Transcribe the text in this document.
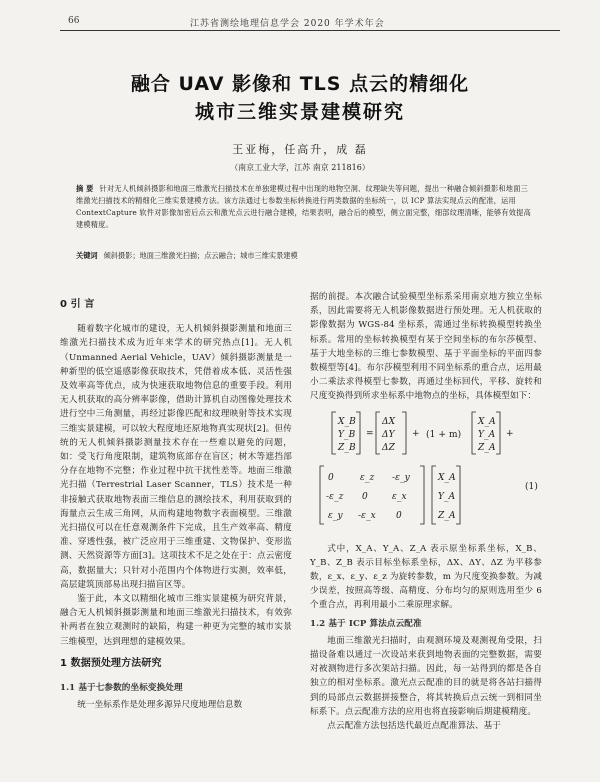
66	江苏省测绘地理信息学会 2020 年学术年会
融合 UAV 影像和 TLS 点云的精细化
城市三维实景建模研究
王亚梅，任高升，成 磊
（南京工业大学，江苏 南京 211816）
摘 要 针对无人机倾斜摄影和地面三维激光扫描技术在单独建模过程中出现的地物空洞、纹理缺失等问题，提出一种融合倾斜摄影和地面三维激光扫描技术的精细化三维实景建模方法。该方法通过七参数坐标转换进行两类数据的坐标统一，以 ICP 算法实现点云的配准，运用 ContextCapture 软件对影像加密后点云和激光点云进行融合建模，结果表明，融合后的模型，侧立面完整，细部纹理清晰，能够有效提高建模精度。
关键词 倾斜摄影；地面三维激光扫描；点云融合；城市三维实景建模
0 引 言

随着数字化城市的建设，无人机倾斜摄影测量和地面三维激光扫描技术成为近年来学术的研究热点[1]。无人机（Unmanned Aerial Vehicle，UAV）倾斜摄影测量是一种新型的低空遥感影像获取技术，凭借着成本低、灵活性强及效率高等优点，成为快速获取地物信息的重要手段。利用无人机获取的高分辨率影像，借助计算机自动图像处理技术进行空中三角测量，再经过影像匹配和纹理映射等技术实现三维实景建模，可以较大程度地还原地物真实现状[2]。但传统的无人机倾斜摄影测量技术存在一些难以避免的问题，如：受飞行角度限制，建筑物底部存在盲区；树木等遮挡部分存在地物不完整；作业过程中抗干扰性差等。地面三维激光扫描（Terrestrial Laser Scanner，TLS）技术是一种非接触式获取地物表面三维信息的测绘技术，利用获取到的海量点云生成三角网，从而构建地物数字表面模型。三维激光扫描仪可以在任意观测条件下完成，且生产效率高、精度准、穿透性强，被广泛应用于三维重建、文物保护、变形监测、天然资源等方面[3]。这项技术不足之处在于：点云密度高，数据量大；只针对小范围内个体物进行实测，效率低，高层建筑顶部易出现扫描盲区等。

鉴于此，本文以精细化城市三维实景建模为研究背景，融合无人机倾斜摄影测量和地面三维激光扫描技术，有效弥补两者在独立观测时的缺陷，构建一种更为完整的城市实景三维模型，达到理想的建模效果。

1 数据预处理方法研究
1.1 基于七参数的坐标变换处理

统一坐标系作是处理多源异尺度地理信息数

据的前提。本次融合试验模型坐标系采用南京地方独立坐标系，因此需要将无人机影像数据进行预处理。无人机获取的影像数据为 WGS-84 坐标系，需通过坐标转换模型转换坐标系。常用的坐标转换模型有某于空间坐标的布尔莎模型、基于大地坐标的三维七参数模型、基于平面坐标的平面四参数模型等[4]。布尔莎模型利用不同坐标系的重合点，运用最小二乘法求得模型七参数，再通过坐标回代，平移、旋转和尺度变换得到所求坐标系中地物点的坐标，具体模型如下：

=	+	+
X_B
Y_B
Z_B
ΔX
ΔY
ΔZ
(1 + m)
X_A
Y_A
Z_A
0	ε_z -ε_y
-ε_z 0	ε_x
ε_y -ε_x 0
X_A
Y_A
Z_A
(1)

式中，X_A、Y_A、Z_A 表示原坐标系坐标，X_B、Y_B、Z_B 表示目标坐标系坐标，ΔX、ΔY、ΔZ 为平移参数，ε_x、ε_y、ε_z 为旋转参数，m 为尺度变换参数。为减少误差，按照高等级、高精度、分布均匀的原则选用至少 6 个重合点，再利用最小二乘原理求解。

1.2 基于 ICP 算法点云配准

地面三维激光扫描时，由观测环境及观测视角受限，扫描设备难以通过一次设站来获到地物表面的完整数据，需要对被测物进行多次架站扫描。因此，每一站得到的都是各自独立的相对坐标系。激光点云配准的目的就是将各站扫描得到的局部点云数据拼接整合，将其转换后点云统一到相同坐标系下。点云配准方法的应用也将直接影响后期建模精度。

点云配准方法包括迭代最近点配准算法、基于
